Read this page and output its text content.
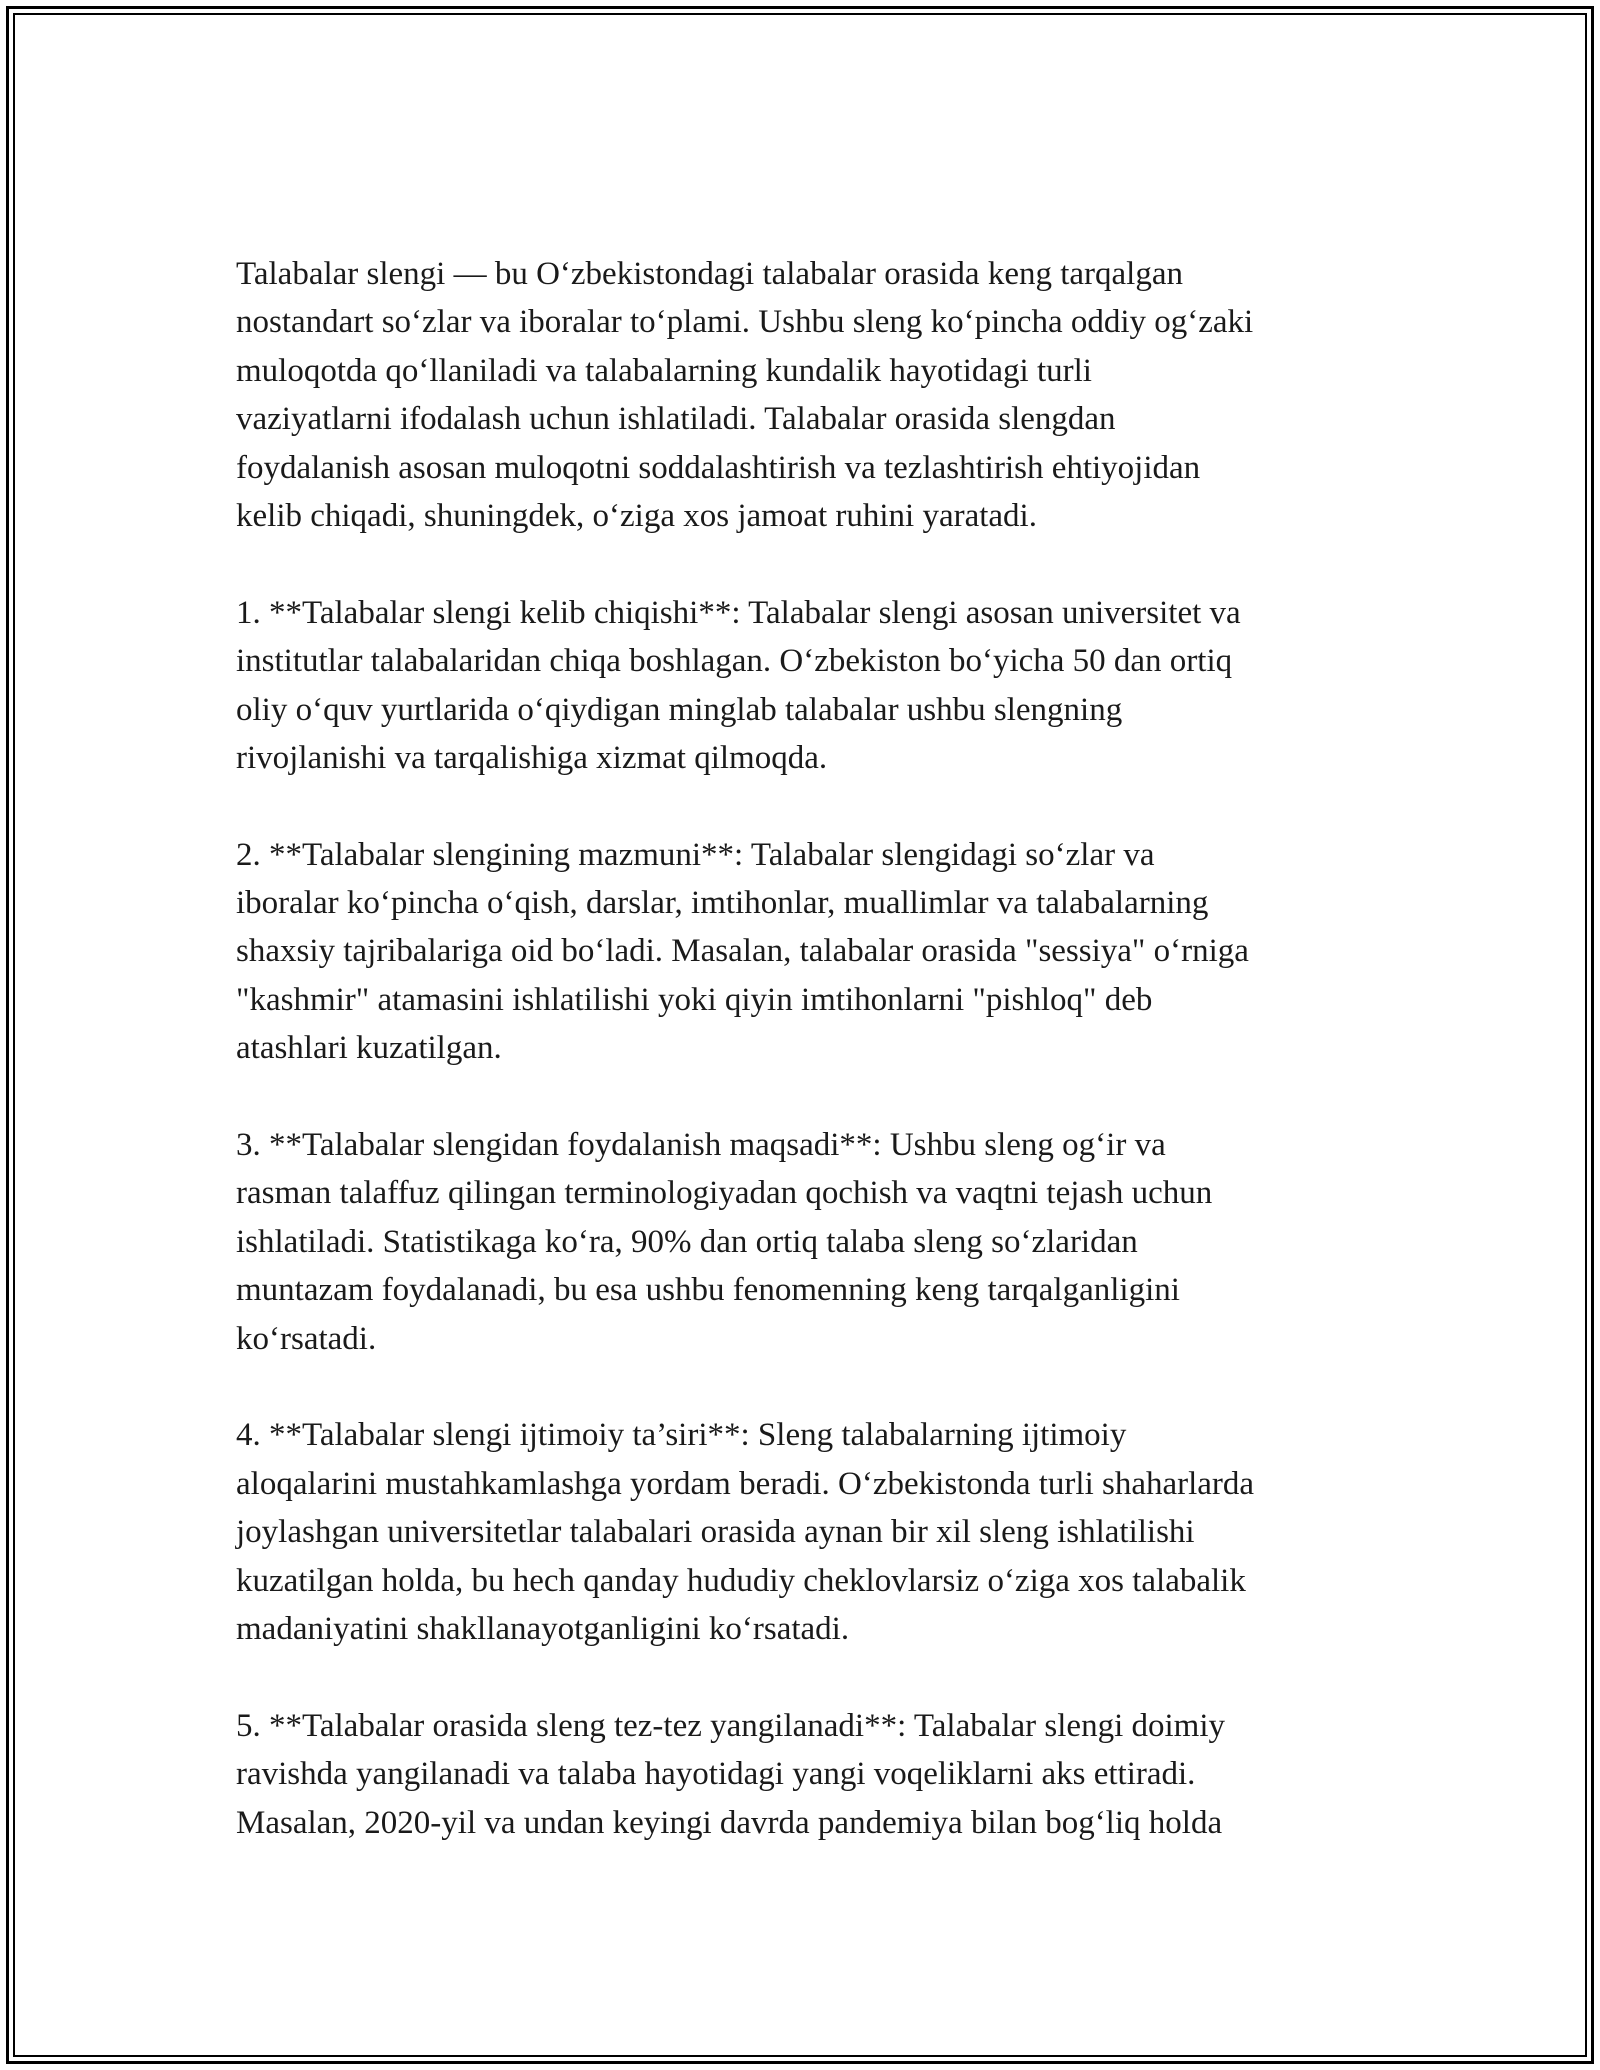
Talabalar slengi — bu O‘zbekistondagi talabalar orasida keng tarqalgan
nostandart so‘zlar va iboralar to‘plami. Ushbu sleng ko‘pincha oddiy og‘zaki
muloqotda qo‘llaniladi va talabalarning kundalik hayotidagi turli
vaziyatlarni ifodalash uchun ishlatiladi. Talabalar orasida slengdan
foydalanish asosan muloqotni soddalashtirish va tezlashtirish ehtiyojidan
kelib chiqadi, shuningdek, o‘ziga xos jamoat ruhini yaratadi.
1. **Talabalar slengi kelib chiqishi**: Talabalar slengi asosan universitet va
institutlar talabalaridan chiqa boshlagan. O‘zbekiston bo‘yicha 50 dan ortiq
oliy o‘quv yurtlarida o‘qiydigan minglab talabalar ushbu slengning
rivojlanishi va tarqalishiga xizmat qilmoqda.
2. **Talabalar slengining mazmuni**: Talabalar slengidagi so‘zlar va
iboralar ko‘pincha o‘qish, darslar, imtihonlar, muallimlar va talabalarning
shaxsiy tajribalariga oid bo‘ladi. Masalan, talabalar orasida "sessiya" o‘rniga
"kashmir" atamasini ishlatilishi yoki qiyin imtihonlarni "pishloq" deb
atashlari kuzatilgan.
3. **Talabalar slengidan foydalanish maqsadi**: Ushbu sleng og‘ir va
rasman talaffuz qilingan terminologiyadan qochish va vaqtni tejash uchun
ishlatiladi. Statistikaga ko‘ra, 90% dan ortiq talaba sleng so‘zlaridan
muntazam foydalanadi, bu esa ushbu fenomenning keng tarqalganligini
ko‘rsatadi.
4. **Talabalar slengi ijtimoiy ta’siri**: Sleng talabalarning ijtimoiy
aloqalarini mustahkamlashga yordam beradi. O‘zbekistonda turli shaharlarda
joylashgan universitetlar talabalari orasida aynan bir xil sleng ishlatilishi
kuzatilgan holda, bu hech qanday hududiy cheklovlarsiz o‘ziga xos talabalik
madaniyatini shakllanayotganligini ko‘rsatadi.
5. **Talabalar orasida sleng tez-tez yangilanadi**: Talabalar slengi doimiy
ravishda yangilanadi va talaba hayotidagi yangi voqeliklarni aks ettiradi.
Masalan, 2020-yil va undan keyingi davrda pandemiya bilan bog‘liq holda
